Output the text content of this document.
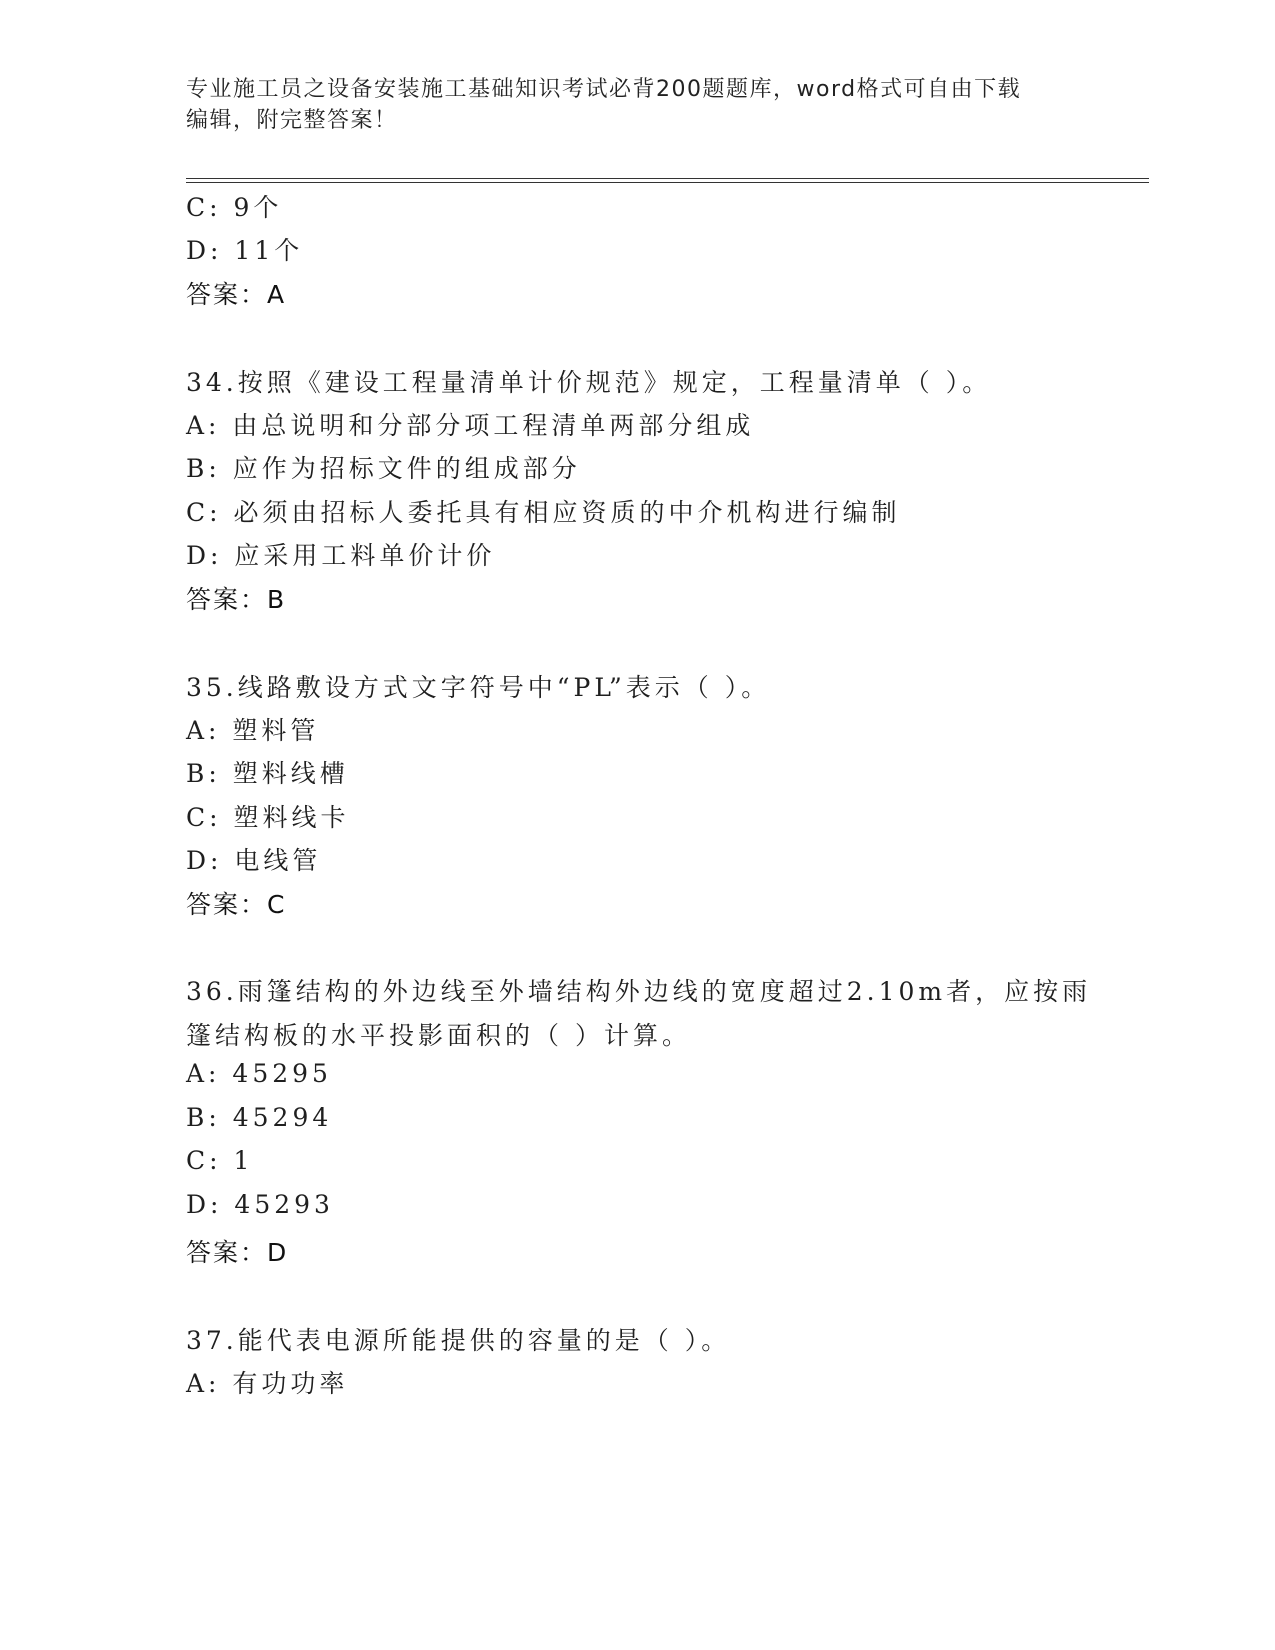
专业施工员之设备安装施工基础知识考试必背200题题库，word格式可自由下载
编辑，附完整答案！
C: 9个
D: 11个
答案：A
34.按照《建设工程量清单计价规范》规定，工程量清单（ ）。
A: 由总说明和分部分项工程清单两部分组成
B: 应作为招标文件的组成部分
C: 必须由招标人委托具有相应资质的中介机构进行编制
D: 应采用工料单价计价
答案：B
35.线路敷设方式文字符号中“PL”表示（ ）。
A: 塑料管
B: 塑料线槽
C: 塑料线卡
D: 电线管
答案：C
36.雨篷结构的外边线至外墙结构外边线的宽度超过2.10m者，应按雨
篷结构板的水平投影面积的（ ）计算。
A: 45295
B: 45294
C: 1
D: 45293
答案：D
37.能代表电源所能提供的容量的是（ ）。
A: 有功功率
